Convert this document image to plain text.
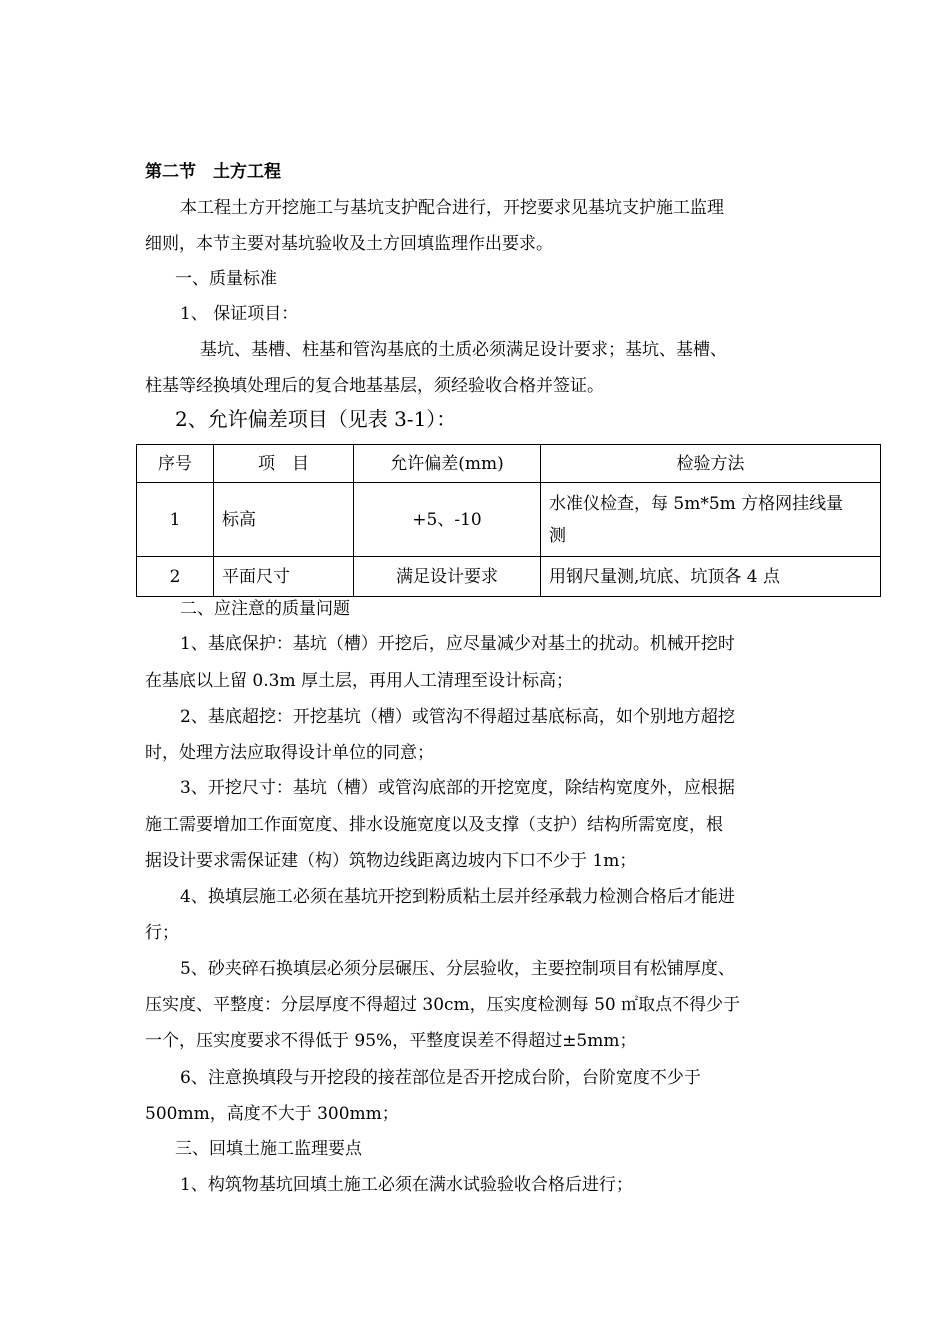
第二节　土方工程
本工程土方开挖施工与基坑支护配合进行，开挖要求见基坑支护施工监理
细则，本节主要对基坑验收及土方回填监理作出要求。
一、质量标准
1、 保证项目：
基坑、基槽、柱基和管沟基底的土质必须满足设计要求；基坑、基槽、
柱基等经换填处理后的复合地基基层，须经验收合格并签证。
2、允许偏差项目（见表 3-1）：
序号	项　目	允许偏差(mm)	检验方法
1	标高	+5、-10	水准仪检查，每 5m*5m 方格网挂线量
测

2	平面尺寸	满足设计要求	用钢尺量测,坑底、坑顶各 4 点
二、应注意的质量问题
1、基底保护：基坑（槽）开挖后，应尽量减少对基土的扰动。机械开挖时
在基底以上留 0.3m 厚土层，再用人工清理至设计标高；
2、基底超挖：开挖基坑（槽）或管沟不得超过基底标高，如个别地方超挖
时，处理方法应取得设计单位的同意；
3、开挖尺寸：基坑（槽）或管沟底部的开挖宽度，除结构宽度外，应根据
施工需要增加工作面宽度、排水设施宽度以及支撑（支护）结构所需宽度，根
据设计要求需保证建（构）筑物边线距离边坡内下口不少于 1m；
4、换填层施工必须在基坑开挖到粉质粘土层并经承载力检测合格后才能进
行；
5、砂夹碎石换填层必须分层碾压、分层验收，主要控制项目有松铺厚度、
压实度、平整度：分层厚度不得超过 30cm，压实度检测每 50 ㎡取点不得少于
一个，压实度要求不得低于 95%，平整度误差不得超过±5mm；
6、注意换填段与开挖段的接茬部位是否开挖成台阶，台阶宽度不少于
500mm，高度不大于 300mm；
三、回填土施工监理要点
1、构筑物基坑回填土施工必须在满水试验验收合格后进行；
